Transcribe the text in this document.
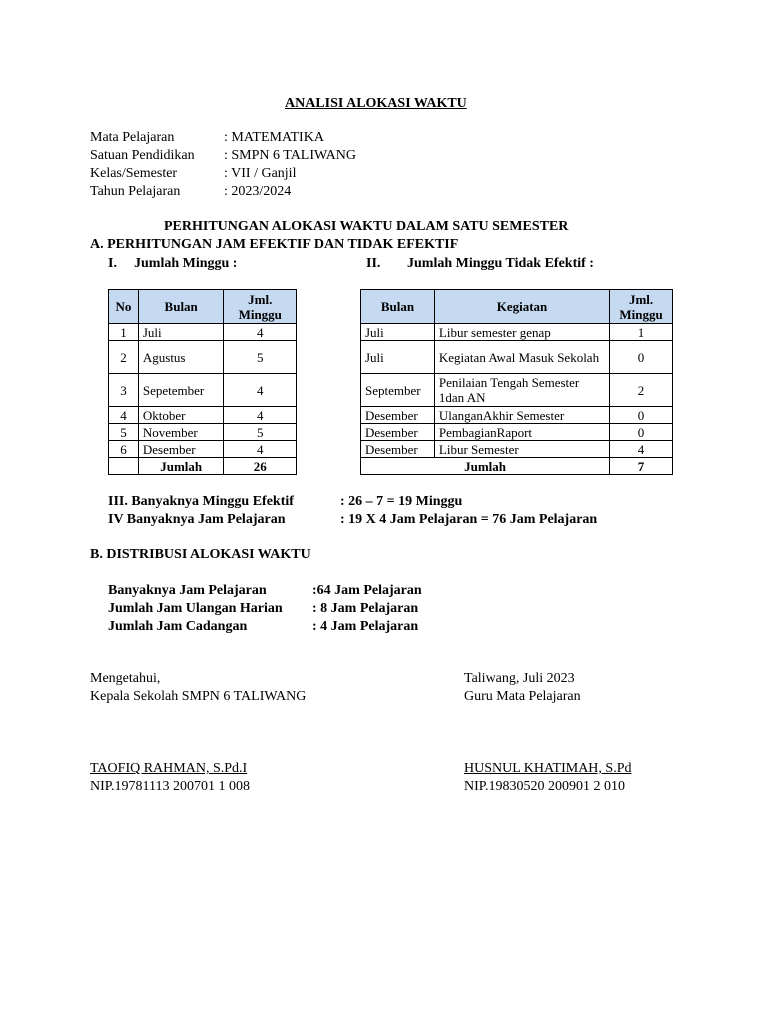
ANALISI ALOKASI WAKTU
Mata Pelajaran	: MATEMATIKA
Satuan Pendidikan : SMPN 6 TALIWANG
Kelas/Semester	: VII / Ganjil
Tahun Pelajaran	: 2023/2024
PERHITUNGAN ALOKASI WAKTU DALAM SATU SEMESTER
A. PERHITUNGAN JAM EFEKTIF DAN TIDAK EFEKTIF
I. Jumlah Minggu :	II. Jumlah Minggu Tidak Efektif :
No	Bulan	Jml. Minggu
1	Juli	4
2	Agustus	5
3	Sepetember	4
4	Oktober	4
5	November	5
6	Desember	4
	Jumlah	26
Bulan	Kegiatan	Jml. Minggu
Juli	Libur semester genap	1
Juli	Kegiatan Awal Masuk Sekolah	0
September	Penilaian Tengah Semester 1dan AN	2
Desember	UlanganAkhir Semester	0
Desember	PembagianRaport	0
Desember	Libur Semester	4
Jumlah		7
III. Banyaknya Minggu Efektif	: 26 – 7 = 19 Minggu
IV Banyaknya Jam Pelajaran	: 19 X 4 Jam Pelajaran = 76 Jam Pelajaran
B. DISTRIBUSI ALOKASI WAKTU
Banyaknya Jam Pelajaran	:64 Jam Pelajaran
Jumlah Jam Ulangan Harian : 8 Jam Pelajaran
Jumlah Jam Cadangan	: 4 Jam Pelajaran
Mengetahui,
Kepala Sekolah SMPN 6 TALIWANG
TAOFIQ RAHMAN, S.Pd.I
NIP.19781113 200701 1 008
Taliwang, Juli 2023
Guru Mata Pelajaran
HUSNUL KHATIMAH, S.Pd
NIP.19830520 200901 2 010
